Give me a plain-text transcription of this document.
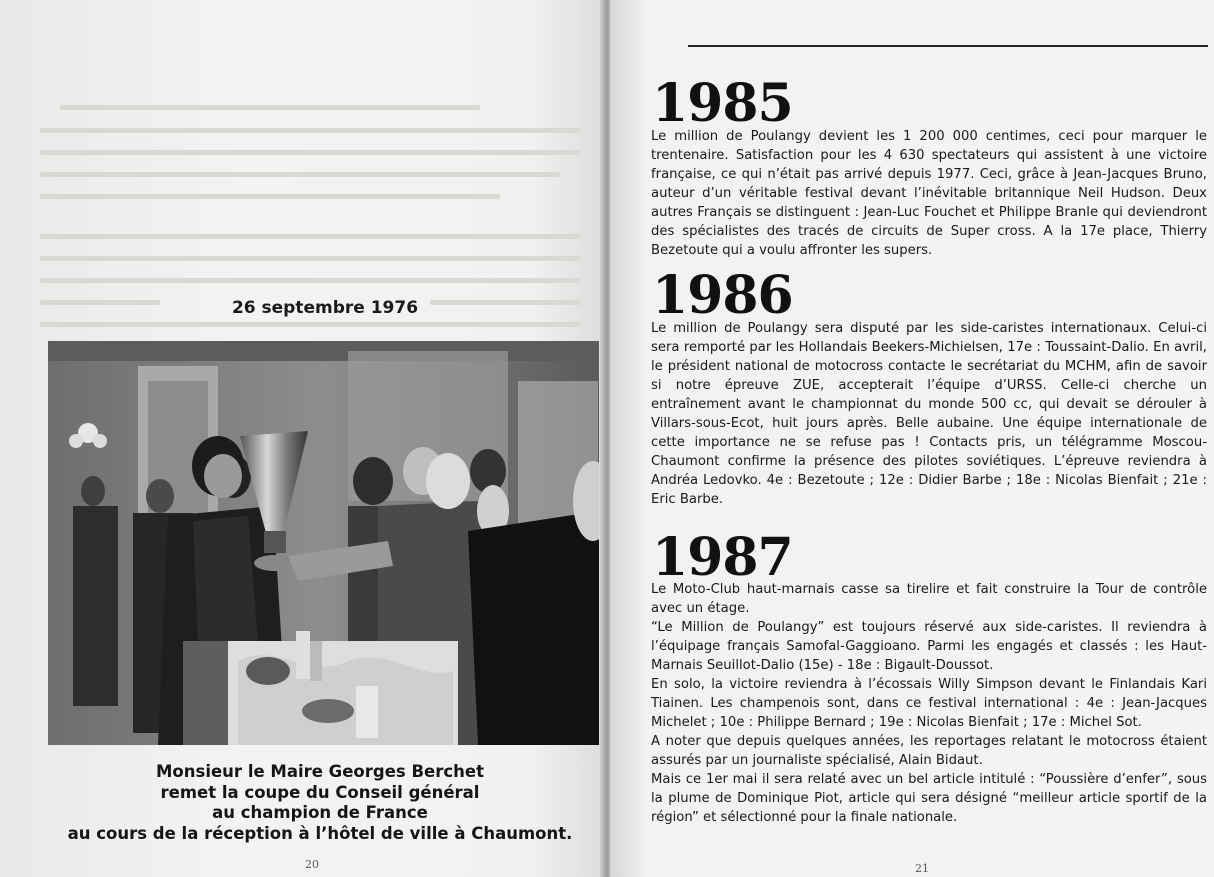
26 septembre 1976
Monsieur le Maire Georges Berchet
remet la coupe du Conseil général
au champion de France
au cours de la réception à l’hôtel de ville à Chaumont.
20
1985

Le million de Poulangy devient les 1 200 000 centimes, ceci pour marquer le trentenaire. Satisfaction pour les 4 630 spectateurs qui assistent à une victoire française, ce qui n’était pas arrivé depuis 1977. Ceci, grâce à Jean-Jacques Bruno, auteur d’un véritable festival devant l’inévitable britannique Neil Hudson. Deux autres Français se distinguent : Jean-Luc Fouchet et Philippe Branle qui deviendront des spécialistes des tracés de circuits de Super cross. A la 17e place, Thierry Bezetoute qui a voulu affronter les supers.

1986

Le million de Poulangy sera disputé par les side-caristes internationaux. Celui-ci sera remporté par les Hollandais Beekers-Michielsen, 17e : Toussaint-Dalio. En avril, le président national de motocross contacte le secrétariat du MCHM, afin de savoir si notre épreuve ZUE, accepterait l’équipe d’URSS. Celle-ci cherche un entraînement avant le championnat du monde 500 cc, qui devait se dérouler à Villars-sous-Ecot, huit jours après. Belle aubaine. Une équipe internationale de cette importance ne se refuse pas ! Contacts pris, un télégramme Moscou-Chaumont confirme la présence des pilotes soviétiques. L’épreuve reviendra à Andréa Ledovko. 4e : Bezetoute ; 12e : Didier Barbe ; 18e : Nicolas Bienfait ; 21e : Eric Barbe.

1987

Le Moto-Club haut-marnais casse sa tirelire et fait construire la Tour de contrôle avec un étage.

“Le Million de Poulangy” est toujours réservé aux side-caristes. Il reviendra à l’équipage français Samofal-Gaggioano. Parmi les engagés et classés : les Haut-Marnais Seuillot-Dalio (15e) - 18e : Bigault-Doussot.

En solo, la victoire reviendra à l’écossais Willy Simpson devant le Finlandais Kari Tiainen. Les champenois sont, dans ce festival international : 4e : Jean-Jacques Michelet ; 10e : Philippe Bernard ; 19e : Nicolas Bienfait ; 17e : Michel Sot.

A noter que depuis quelques années, les reportages relatant le motocross étaient assurés par un journaliste spécialisé, Alain Bidaut.

Mais ce 1er mai il sera relaté avec un bel article intitulé : “Poussière d’enfer”, sous la plume de Dominique Piot, article qui sera désigné “meilleur article sportif de la région” et sélectionné pour la finale nationale.

21
